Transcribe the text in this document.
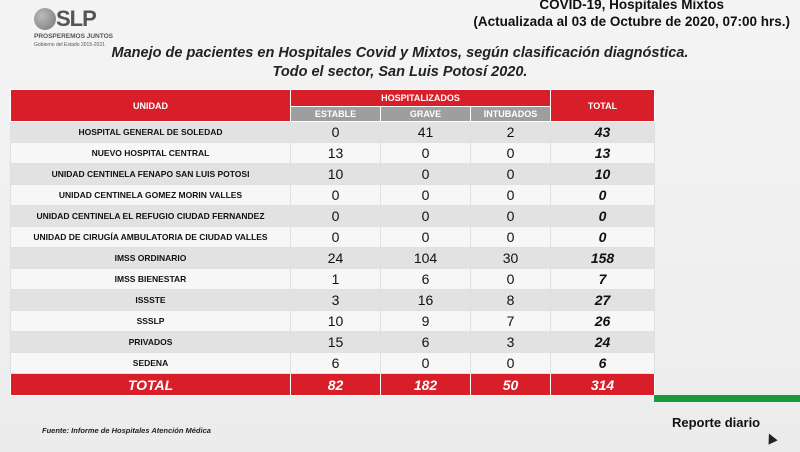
SLP
PROSPEREMOS JUNTOS
Gobierno del Estado 2015-2021
COVID-19, Hospitales Mixtos
(Actualizada al 03 de Octubre de 2020, 07:00 hrs.)
Manejo de pacientes en Hospitales Covid y Mixtos, según clasificación diagnóstica.
Todo el sector, San Luis Potosí 2020.
UNIDAD	HOSPITALIZADOS			TOTAL
	ESTABLE	GRAVE	INTUBADOS	
HOSPITAL GENERAL DE SOLEDAD	0	41	2	43
NUEVO HOSPITAL CENTRAL	13	0	0	13
UNIDAD CENTINELA FENAPO SAN LUIS POTOSI	10	0	0	10
UNIDAD CENTINELA GOMEZ MORIN VALLES	0	0	0	0
UNIDAD CENTINELA EL REFUGIO CIUDAD FERNANDEZ	0	0	0	0
UNIDAD DE CIRUGÍA AMBULATORIA DE CIUDAD VALLES	0	0	0	0
IMSS ORDINARIO	24	104	30	158
IMSS BIENESTAR	1	6	0	7
ISSSTE	3	16	8	27
SSSLP	10	9	7	26
PRIVADOS	15	6	3	24
SEDENA	6	0	0	6
TOTAL	82	182	50	314
Fuente: Informe de Hospitales Atención Médica
Reporte diario
